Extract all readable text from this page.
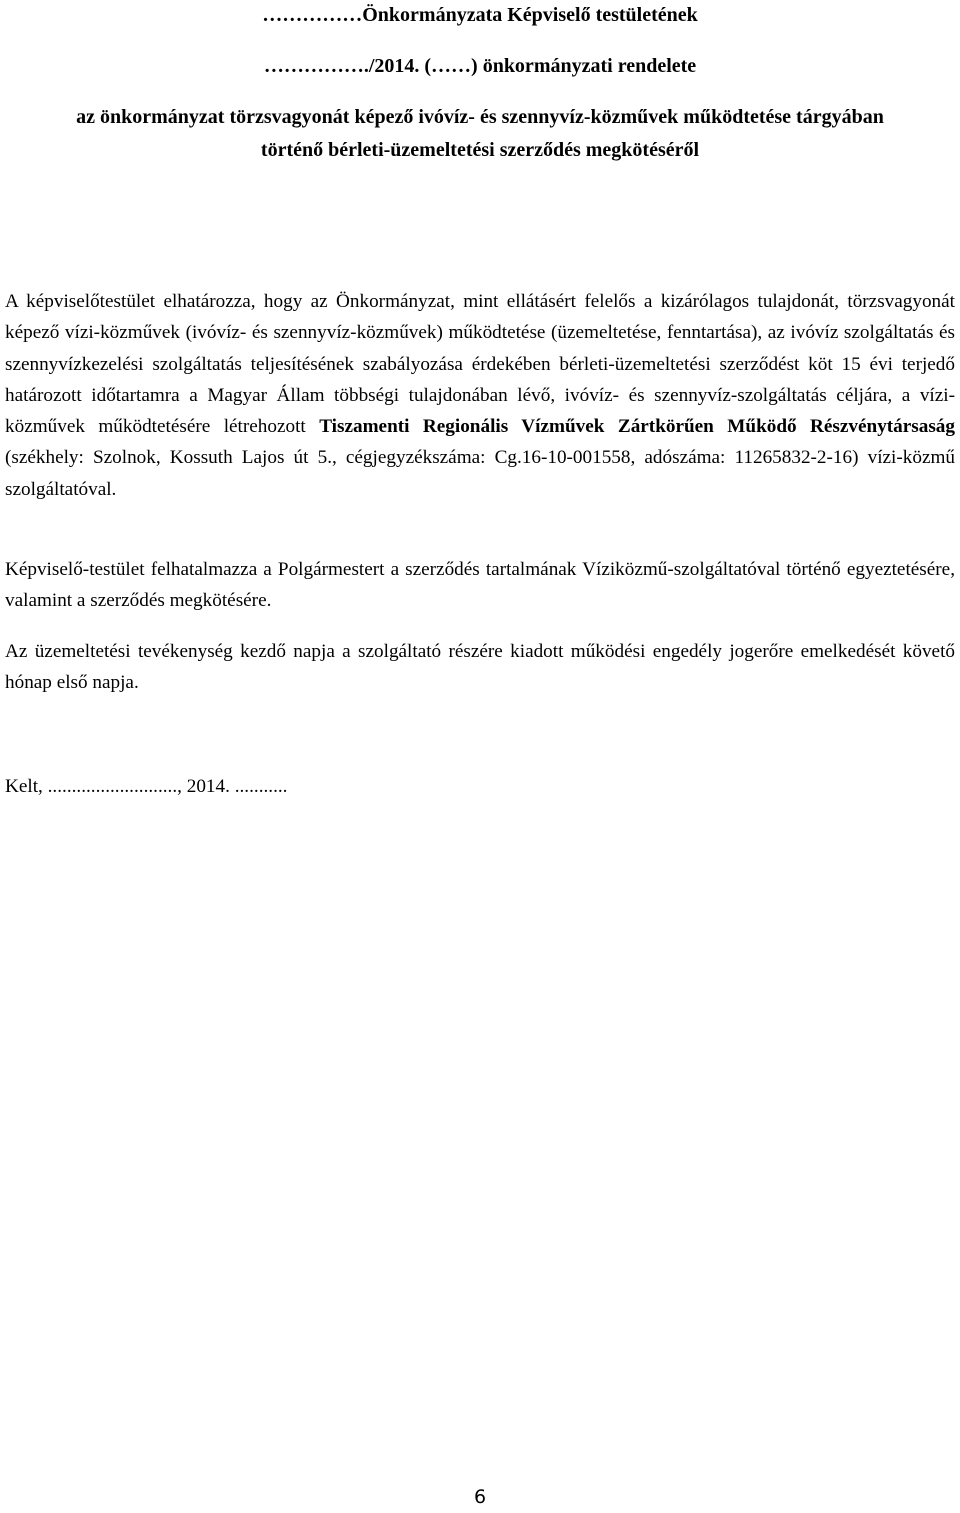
……………Önkormányzata Képviselő testületének
……………./2014. (……) önkormányzati rendelete
az önkormányzat törzsvagyonát képező ivóvíz- és szennyvíz-közművek működtetése tárgyában
történő bérleti-üzemeltetési szerződés megkötéséről

A képviselőtestület elhatározza, hogy az Önkormányzat, mint ellátásért felelős a kizárólagos tulajdonát, törzsvagyonát képező vízi-közművek (ivóvíz- és szennyvíz-közművek) működtetése (üzemeltetése, fenntartása), az ivóvíz szolgáltatás és szennyvízkezelési szolgáltatás teljesítésének szabályozása érdekében bérleti-üzemeltetési szerződést köt 15 évi terjedő határozott időtartamra a Magyar Állam többségi tulajdonában lévő, ivóvíz- és szennyvíz-szolgáltatás céljára, a vízi-közművek működtetésére létrehozott Tiszamenti Regionális Vízművek Zártkörűen Működő Részvénytársaság (székhely: Szolnok, Kossuth Lajos út 5., cégjegyzékszáma: Cg.16-10-001558, adószáma: 11265832-2-16) vízi-közmű szolgáltatóval.

Képviselő-testület felhatalmazza a Polgármestert a szerződés tartalmának Víziközmű-szolgáltatóval történő egyeztetésére, valamint a szerződés megkötésére.

Az üzemeltetési tevékenység kezdő napja a szolgáltató részére kiadott működési engedély jogerőre emelkedését követő hónap első napja.

Kelt, ..........................., 2014. ...........
6
